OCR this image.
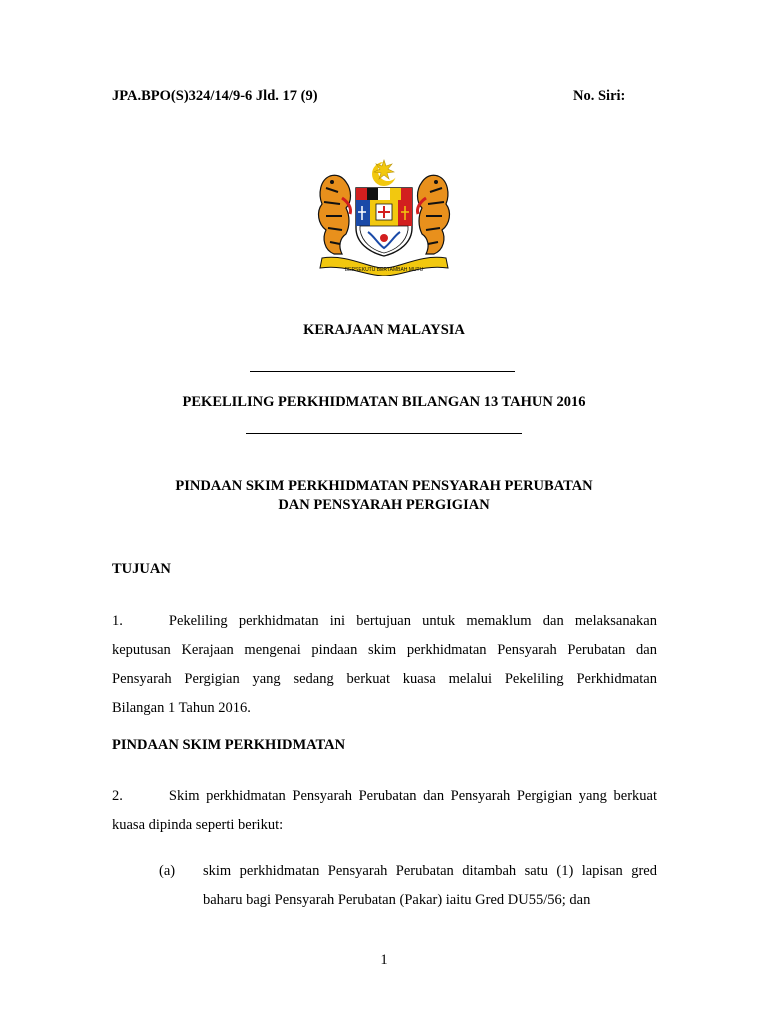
JPA.BPO(S)324/14/9-6 Jld. 17 (9)	No. Siri:
BERSEKUTU BERTAMBAH MUTU
KERAJAAN MALAYSIA
PEKELILING PERKHIDMATAN BILANGAN 13 TAHUN 2016
PINDAAN SKIM PERKHIDMATAN PENSYARAH PERUBATAN
DAN PENSYARAH PERGIGIAN
TUJUAN
1.	Pekeliling perkhidmatan ini bertujuan untuk memaklum dan melaksanakan
keputusan Kerajaan mengenai pindaan skim perkhidmatan Pensyarah Perubatan dan
Pensyarah Pergigian yang sedang berkuat kuasa melalui Pekeliling Perkhidmatan
Bilangan 1 Tahun 2016.
PINDAAN SKIM PERKHIDMATAN
2.	Skim perkhidmatan Pensyarah Perubatan dan Pensyarah Pergigian yang berkuat
kuasa dipinda seperti berikut:
(a) skim perkhidmatan Pensyarah Perubatan ditambah satu (1) lapisan gred
baharu bagi Pensyarah Perubatan (Pakar) iaitu Gred DU55/56; dan
1
